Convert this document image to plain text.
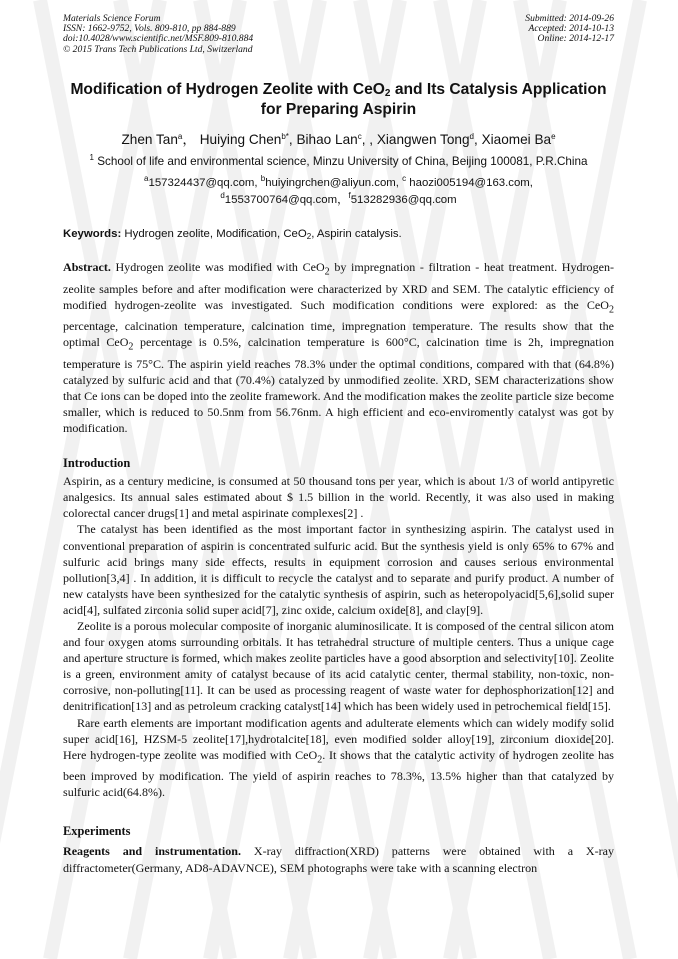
Materials Science Forum
ISSN: 1662-9752, Vols. 809-810, pp 884-889
doi:10.4028/www.scientific.net/MSF.809-810.884
© 2015 Trans Tech Publications Ltd, Switzerland
Submitted: 2014-09-26
Accepted: 2014-10-13
Online: 2014-12-17
Modification of Hydrogen Zeolite with CeO$_2$ and Its Catalysis Application for Preparing Aspirin
Zhen Tan$^a$， Huiying Chen$^{b*}$, Bihao Lan$^c$, , Xiangwen Tong$^d$, Xiaomei Ba$^e$
$^1$ School of life and environmental science, Minzu University of China, Beijing 100081, P.R.China
$^a$157324437@qq.com, $^b$huiyingrchen@aliyun.com, $^c$ haozi005194@163.com,
$^d$1553700764@qq.com，$^f$513282936@qq.com
Keywords: Hydrogen zeolite, Modification, CeO$_2$, Aspirin catalysis.

Abstract. Hydrogen zeolite was modified with CeO$_2$ by impregnation - filtration - heat treatment. Hydrogen-zeolite samples before and after modification were characterized by XRD and SEM. The catalytic efficiency of modified hydrogen-zeolite was investigated. Such modification conditions were explored: as the CeO$_2$ percentage, calcination temperature, calcination time, impregnation temperature. The results show that the optimal CeO$_2$ percentage is 0.5%, calcination temperature is 600°C, calcination time is 2h, impregnation temperature is 75°C. The aspirin yield reaches 78.3% under the optimal conditions, compared with that (64.8%) catalyzed by sulfuric acid and that (70.4%) catalyzed by unmodified zeolite. XRD, SEM characterizations show that Ce ions can be doped into the zeolite framework. And the modification makes the zeolite particle size become smaller, which is reduced to 50.5nm from 56.76nm. A high efficient and eco-enviromently catalyst was got by modification.

Introduction

Aspirin, as a century medicine, is consumed at 50 thousand tons per year, which is about 1/3 of world antipyretic analgesics. Its annual sales estimated about $ 1.5 billion in the world. Recently, it was also used in making colorectal cancer drugs[1] and metal aspirinate complexes[2] .

The catalyst has been identified as the most important factor in synthesizing aspirin. The catalyst used in conventional preparation of aspirin is concentrated sulfuric acid. But the synthesis yield is only 65% to 67% and sulfuric acid brings many side effects, results in equipment corrosion and causes serious environmental pollution[3,4] . In addition, it is difficult to recycle the catalyst and to separate and purify product. A number of new catalysts have been synthesized for the catalytic synthesis of aspirin, such as heteropolyacid[5,6],solid super acid[4], sulfated zirconia solid super acid[7], zinc oxide, calcium oxide[8], and clay[9].

Zeolite is a porous molecular composite of inorganic aluminosilicate. It is composed of the central silicon atom and four oxygen atoms surrounding orbitals. It has tetrahedral structure of multiple centers. Thus a unique cage and aperture structure is formed, which makes zeolite particles have a good absorption and selectivity[10]. Zeolite is a green, environment amity of catalyst because of its acid catalytic center, thermal stability, non-toxic, non-corrosive, non-polluting[11]. It can be used as processing reagent of waste water for dephosphorization[12] and denitrification[13] and as petroleum cracking catalyst[14] which has been widely used in petrochemical field[15].

Rare earth elements are important modification agents and adulterate elements which can widely modify solid super acid[16], HZSM-5 zeolite[17],hydrotalcite[18], even modified solder alloy[19], zirconium dioxide[20]. Here hydrogen-type zeolite was modified with CeO$_2$. It shows that the catalytic activity of hydrogen zeolite has been improved by modification. The yield of aspirin reaches to 78.3%, 13.5% higher than that catalyzed by sulfuric acid(64.8%).

Experiments

Reagents and instrumentation. X-ray diffraction(XRD) patterns were obtained with a X-ray diffractometer(Germany, AD8-ADAVNCE), SEM photographs were take with a scanning electron
